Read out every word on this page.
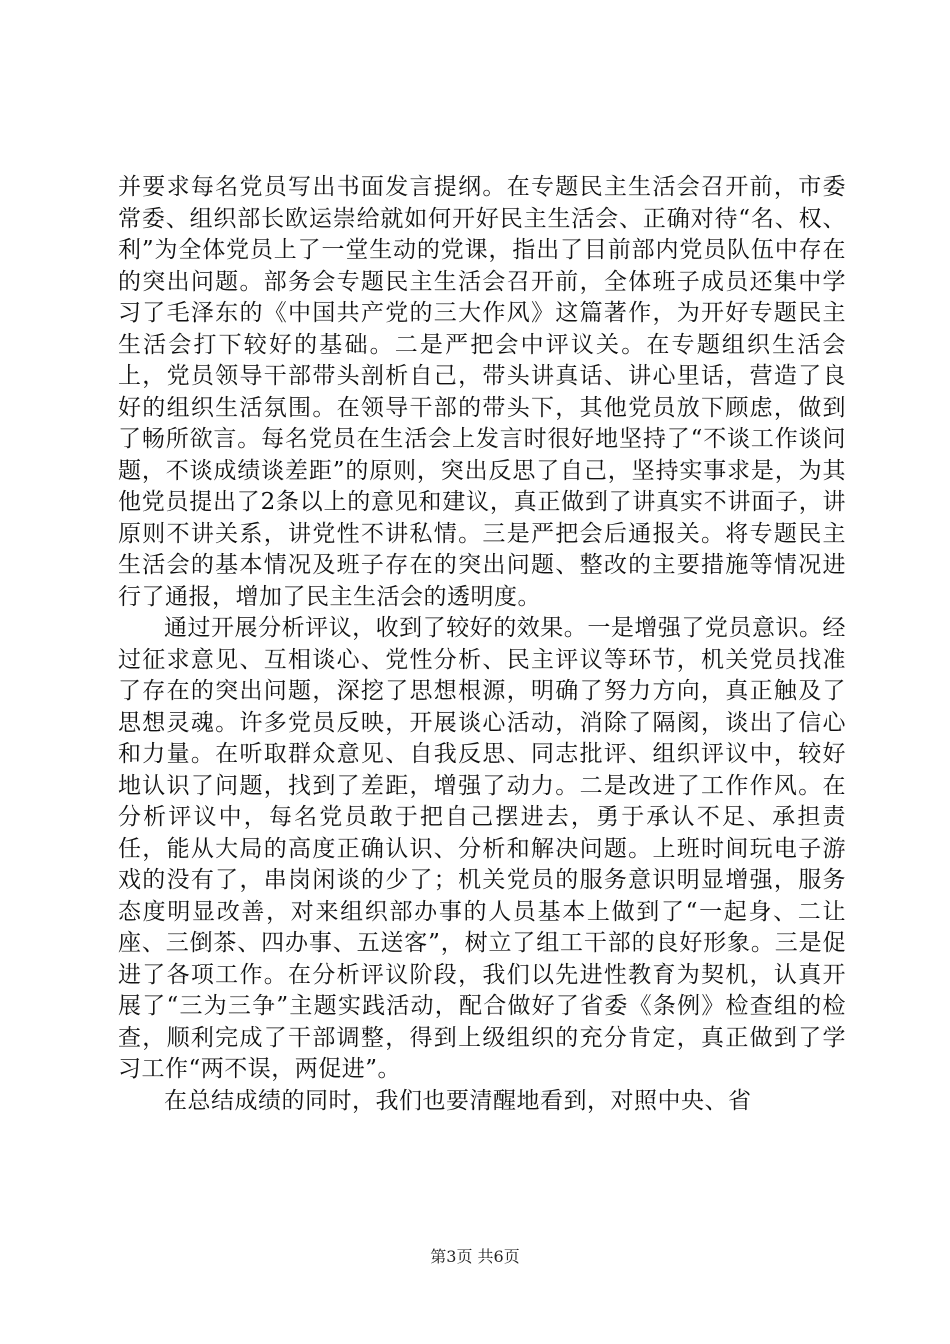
并要求每名党员写出书面发言提纲。在专题民主生活会召开前，市委常委、组织部长欧运崇给就如何开好民主生活会、正确对待“名、权、利”为全体党员上了一堂生动的党课，指出了目前部内党员队伍中存在的突出问题。部务会专题民主生活会召开前，全体班子成员还集中学习了毛泽东的《中国共产党的三大作风》这篇著作，为开好专题民主生活会打下较好的基础。二是严把会中评议关。在专题组织生活会上，党员领导干部带头剖析自己，带头讲真话、讲心里话，营造了良好的组织生活氛围。在领导干部的带头下，其他党员放下顾虑，做到了畅所欲言。每名党员在生活会上发言时很好地坚持了“不谈工作谈问题，不谈成绩谈差距”的原则，突出反思了自己，坚持实事求是，为其他党员提出了2条以上的意见和建议，真正做到了讲真实不讲面子，讲原则不讲关系，讲党性不讲私情。三是严把会后通报关。将专题民主生活会的基本情况及班子存在的突出问题、整改的主要措施等情况进行了通报，增加了民主生活会的透明度。

通过开展分析评议，收到了较好的效果。一是增强了党员意识。经过征求意见、互相谈心、党性分析、民主评议等环节，机关党员找准了存在的突出问题，深挖了思想根源，明确了努力方向，真正触及了思想灵魂。许多党员反映，开展谈心活动，消除了隔阂，谈出了信心和力量。在听取群众意见、自我反思、同志批评、组织评议中，较好地认识了问题，找到了差距，增强了动力。二是改进了工作作风。在分析评议中，每名党员敢于把自己摆进去，勇于承认不足、承担责任，能从大局的高度正确认识、分析和解决问题。上班时间玩电子游戏的没有了，串岗闲谈的少了；机关党员的服务意识明显增强，服务态度明显改善，对来组织部办事的人员基本上做到了“一起身、二让座、三倒茶、四办事、五送客”，树立了组工干部的良好形象。三是促进了各项工作。在分析评议阶段，我们以先进性教育为契机，认真开展了“三为三争”主题实践活动，配合做好了省委《条例》检查组的检查，顺利完成了干部调整，得到上级组织的充分肯定，真正做到了学习工作“两不误，两促进”。

在总结成绩的同时，我们也要清醒地看到，对照中央、省

第3页 共6页
